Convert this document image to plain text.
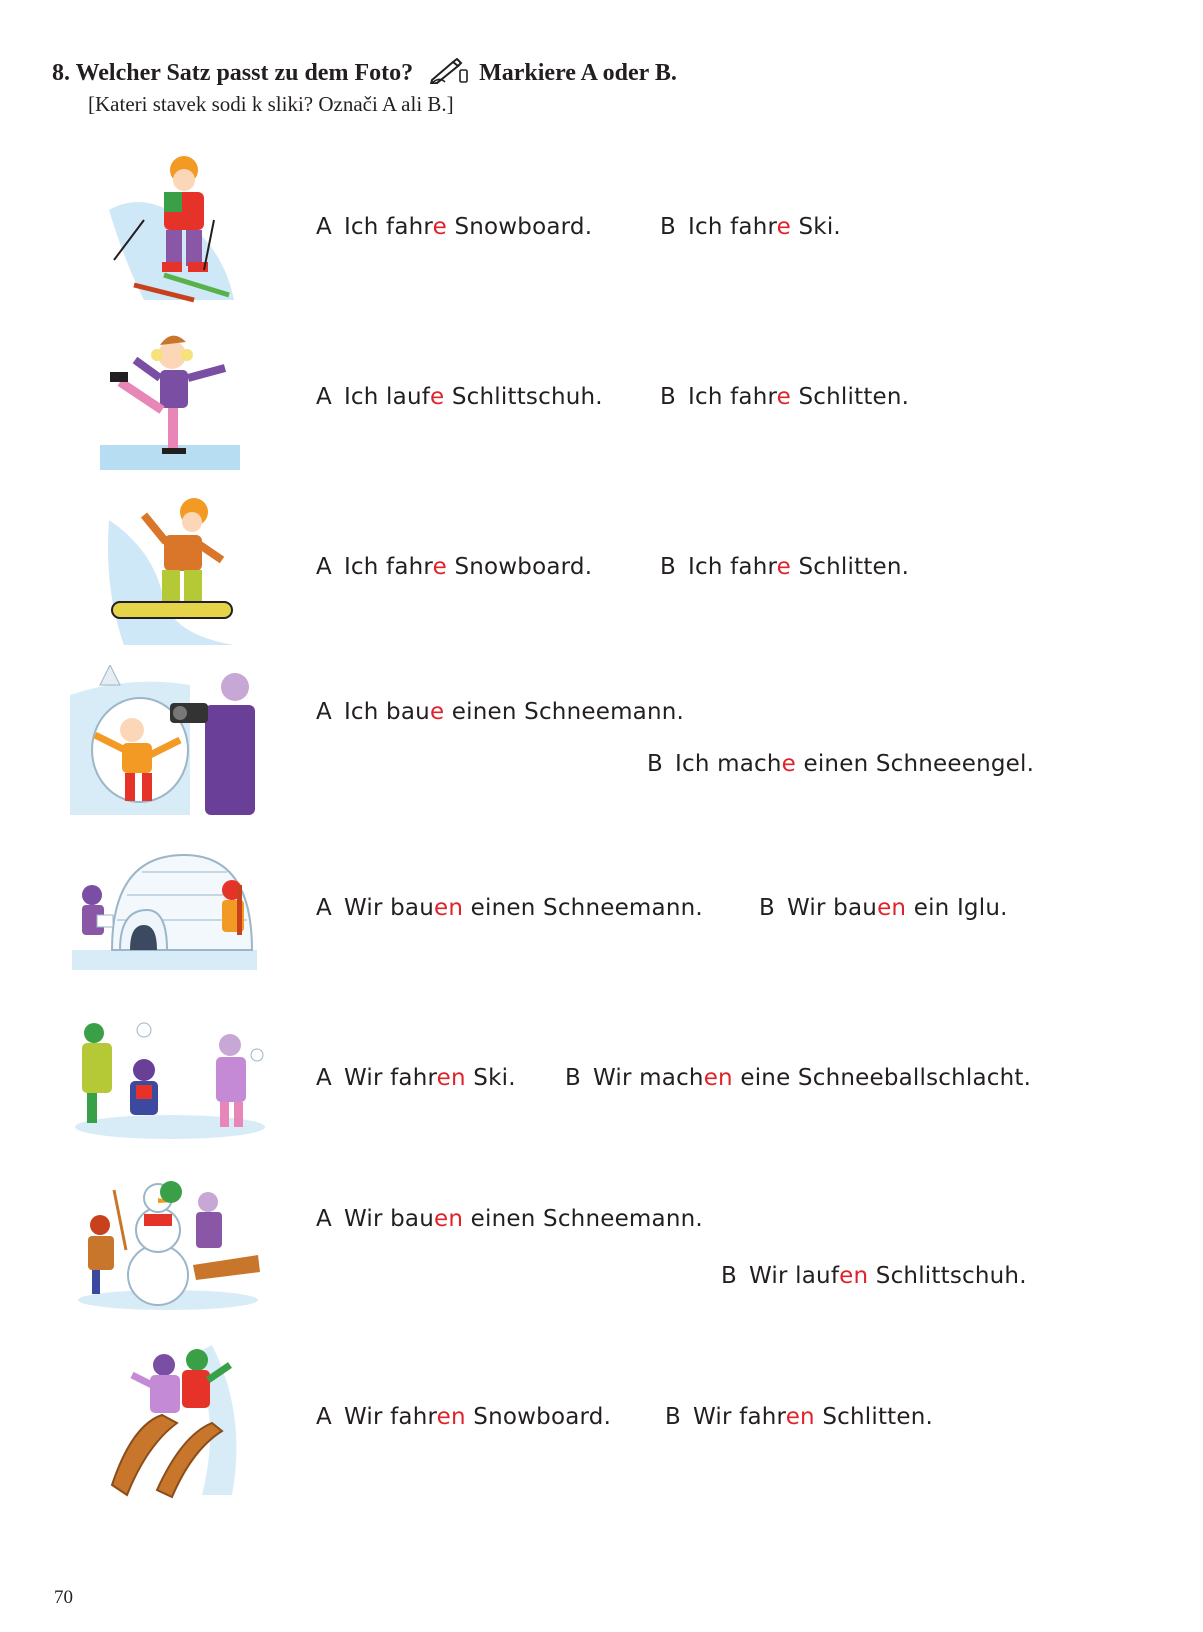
8. Welcher Satz passt zu dem Foto?	Markiere A oder B.
[Kateri stavek sodi k sliki? Označi A ali B.]
A Ich fahre Snowboard.	B Ich fahre Ski.
A Ich laufe Schlittschuh. B Ich fahre Schlitten.
A Ich fahre Snowboard.	B Ich fahre Schlitten.
A Ich baue einen Schneemann.
B Ich mache einen Schneeengel.
A Wir bauen einen Schneemann. B Wir bauen ein Iglu.
A Wir fahren Ski. B Wir machen eine Schneeballschlacht.
A Wir bauen einen Schneemann.
B Wir laufen Schlittschuh.
A Wir fahren Snowboard. B Wir fahren Schlitten.
70
